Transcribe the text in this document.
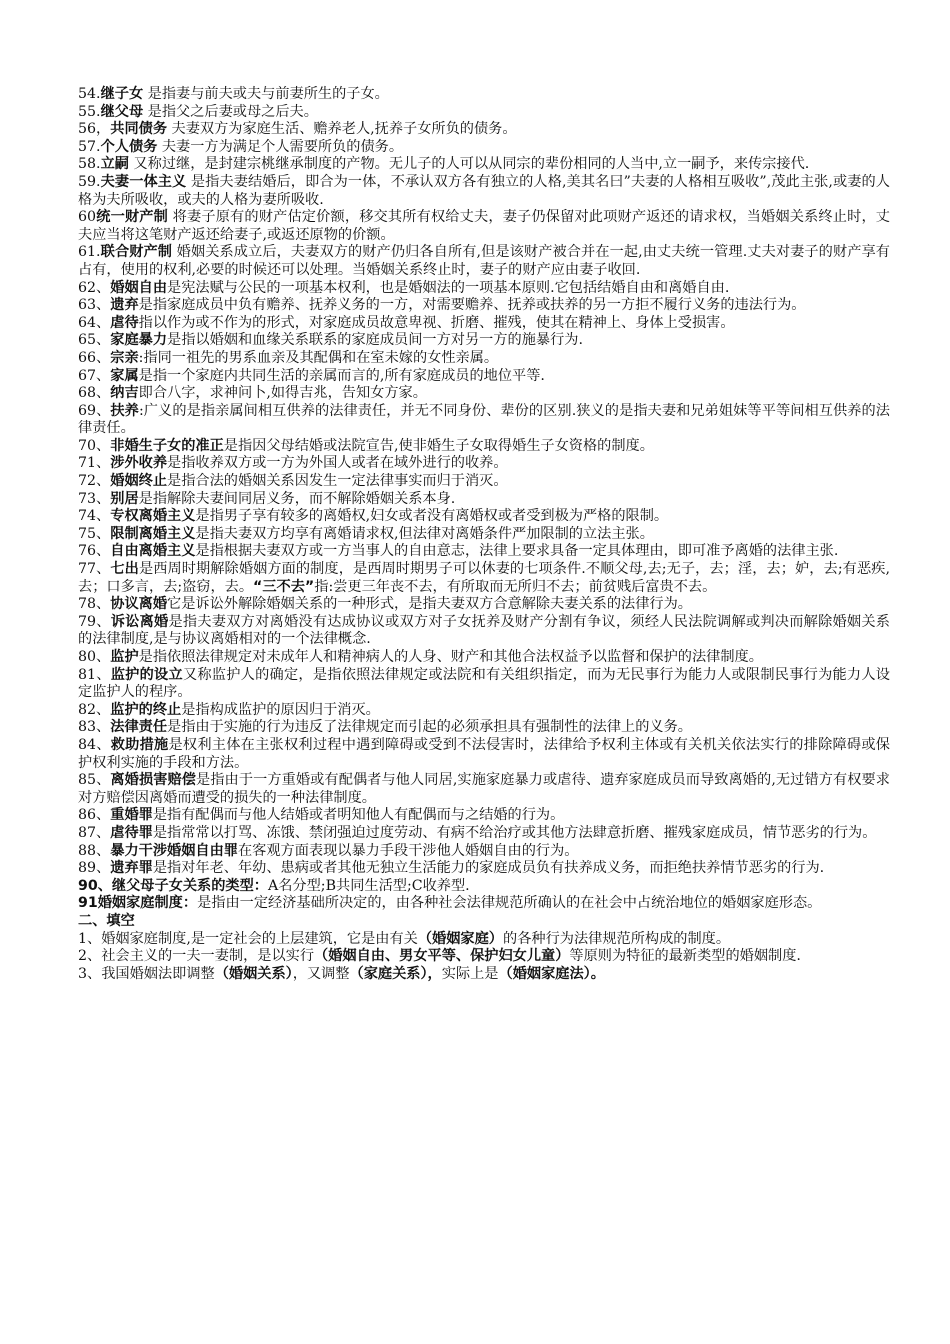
54.继子女 是指妻与前夫或夫与前妻所生的子女。

55.继父母 是指父之后妻或母之后夫。

56，共同债务 夫妻双方为家庭生活、赡养老人,抚养子女所负的债务。

57.个人债务 夫妻一方为满足个人需要所负的债务。

58.立嗣 又称过继，是封建宗桃继承制度的产物。无儿子的人可以从同宗的辈份相同的人当中,立一嗣予，来传宗接代.

59.夫妻一体主义 是指夫妻结婚后，即合为一体，不承认双方各有独立的人格,美其名曰”夫妻的人格相互吸收”,茂此主张,或妻的人格为夫所吸收，或夫的人格为妻所吸收.

60统一财产制 将妻子原有的财产估定价额，移交其所有权给丈夫，妻子仍保留对此项财产返还的请求权，当婚姻关系终止时，丈夫应当将这笔财产返还给妻子,或返还原物的价额。

61.联合财产制 婚姻关系成立后，夫妻双方的财产仍归各自所有,但是该财产被合并在一起,由丈夫统一管理.丈夫对妻子的财产享有占有，使用的权利,必要的时候还可以处理。当婚姻关系终止时，妻子的财产应由妻子收回.

62、婚姻自由是宪法赋与公民的一项基本权利，也是婚姻法的一项基本原则.它包括结婚自由和离婚自由.

63、遗弃是指家庭成员中负有赡养、抚养义务的一方，对需要赡养、抚养或扶养的另一方拒不履行义务的违法行为。

64、虐待指以作为或不作为的形式，对家庭成员故意卑视、折磨、摧残，使其在精神上、身体上受损害。

65、家庭暴力是指以婚姻和血缘关系联系的家庭成员间一方对另一方的施暴行为.

66、宗亲:指同一祖先的男系血亲及其配偶和在室未嫁的女性亲属。

67、家属是指一个家庭内共同生活的亲属而言的,所有家庭成员的地位平等.

68、纳吉即合八字，求神问卜,如得吉兆，告知女方家。

69、扶养:广义的是指亲属间相互供养的法律责任，并无不同身份、辈份的区别.狭义的是指夫妻和兄弟姐妹等平等间相互供养的法律责任。

70、非婚生子女的准正是指因父母结婚或法院宣告,使非婚生子女取得婚生子女资格的制度。

71、涉外收养是指收养双方或一方为外国人或者在域外进行的收养。

72、婚姻终止是指合法的婚姻关系因发生一定法律事实而归于消灭。

73、别居是指解除夫妻间同居义务，而不解除婚姻关系本身.

74、专权离婚主义是指男子享有较多的离婚权,妇女或者没有离婚权或者受到极为严格的限制。

75、限制离婚主义是指夫妻双方均享有离婚请求权,但法律对离婚条件严加限制的立法主张。

76、自由离婚主义是指根据夫妻双方或一方当事人的自由意志，法律上要求具备一定具体理由，即可准予离婚的法律主张.

77、七出是西周时期解除婚姻方面的制度，是西周时期男子可以休妻的七项条件.不顺父母,去;无子，去；淫，去；妒，去;有恶疾,去；口多言，去;盗窃，去。“三不去”指:尝更三年丧不去，有所取而无所归不去；前贫贱后富贵不去。

78、协议离婚它是诉讼外解除婚姻关系的一种形式，是指夫妻双方合意解除夫妻关系的法律行为。

79、诉讼离婚是指夫妻双方对离婚没有达成协议或双方对子女抚养及财产分割有争议，须经人民法院调解或判决而解除婚姻关系的法律制度,是与协议离婚相对的一个法律概念.

80、监护是指依照法律规定对未成年人和精神病人的人身、财产和其他合法权益予以监督和保护的法律制度。

81、监护的设立又称监护人的确定，是指依照法律规定或法院和有关组织指定，而为无民事行为能力人或限制民事行为能力人设定监护人的程序。

82、监护的终止是指构成监护的原因归于消灭。

83、法律责任是指由于实施的行为违反了法律规定而引起的必须承担具有强制性的法律上的义务。

84、救助措施是权利主体在主张权利过程中遇到障碍或受到不法侵害时，法律给予权利主体或有关机关依法实行的排除障碍或保护权利实施的手段和方法。

85、离婚损害赔偿是指由于一方重婚或有配偶者与他人同居,实施家庭暴力或虐待、遗弃家庭成员而导致离婚的,无过错方有权要求对方赔偿因离婚而遭受的损失的一种法律制度。

86、重婚罪是指有配偶而与他人结婚或者明知他人有配偶而与之结婚的行为。

87、虐待罪是指常常以打骂、冻饿、禁闭强迫过度劳动、有病不给治疗或其他方法肆意折磨、摧残家庭成员，情节恶劣的行为。

88、暴力干涉婚姻自由罪在客观方面表现以暴力手段干涉他人婚姻自由的行为。

89、遗弃罪是指对年老、年幼、患病或者其他无独立生活能力的家庭成员负有扶养成义务，而拒绝扶养情节恶劣的行为.

90、继父母子女关系的类型：A名分型;B共同生活型;C收养型.

91婚姻家庭制度：是指由一定经济基础所决定的，由各种社会法律规范所确认的在社会中占统治地位的婚姻家庭形态。

二、填空

1、婚姻家庭制度,是一定社会的上层建筑，它是由有关（婚姻家庭）的各种行为法律规范所构成的制度。

2、社会主义的一夫一妻制，是以实行（婚姻自由、男女平等、保护妇女儿童）等原则为特征的最新类型的婚姻制度.

3、我国婚姻法即调整（婚姻关系），又调整（家庭关系），实际上是（婚姻家庭法）。
